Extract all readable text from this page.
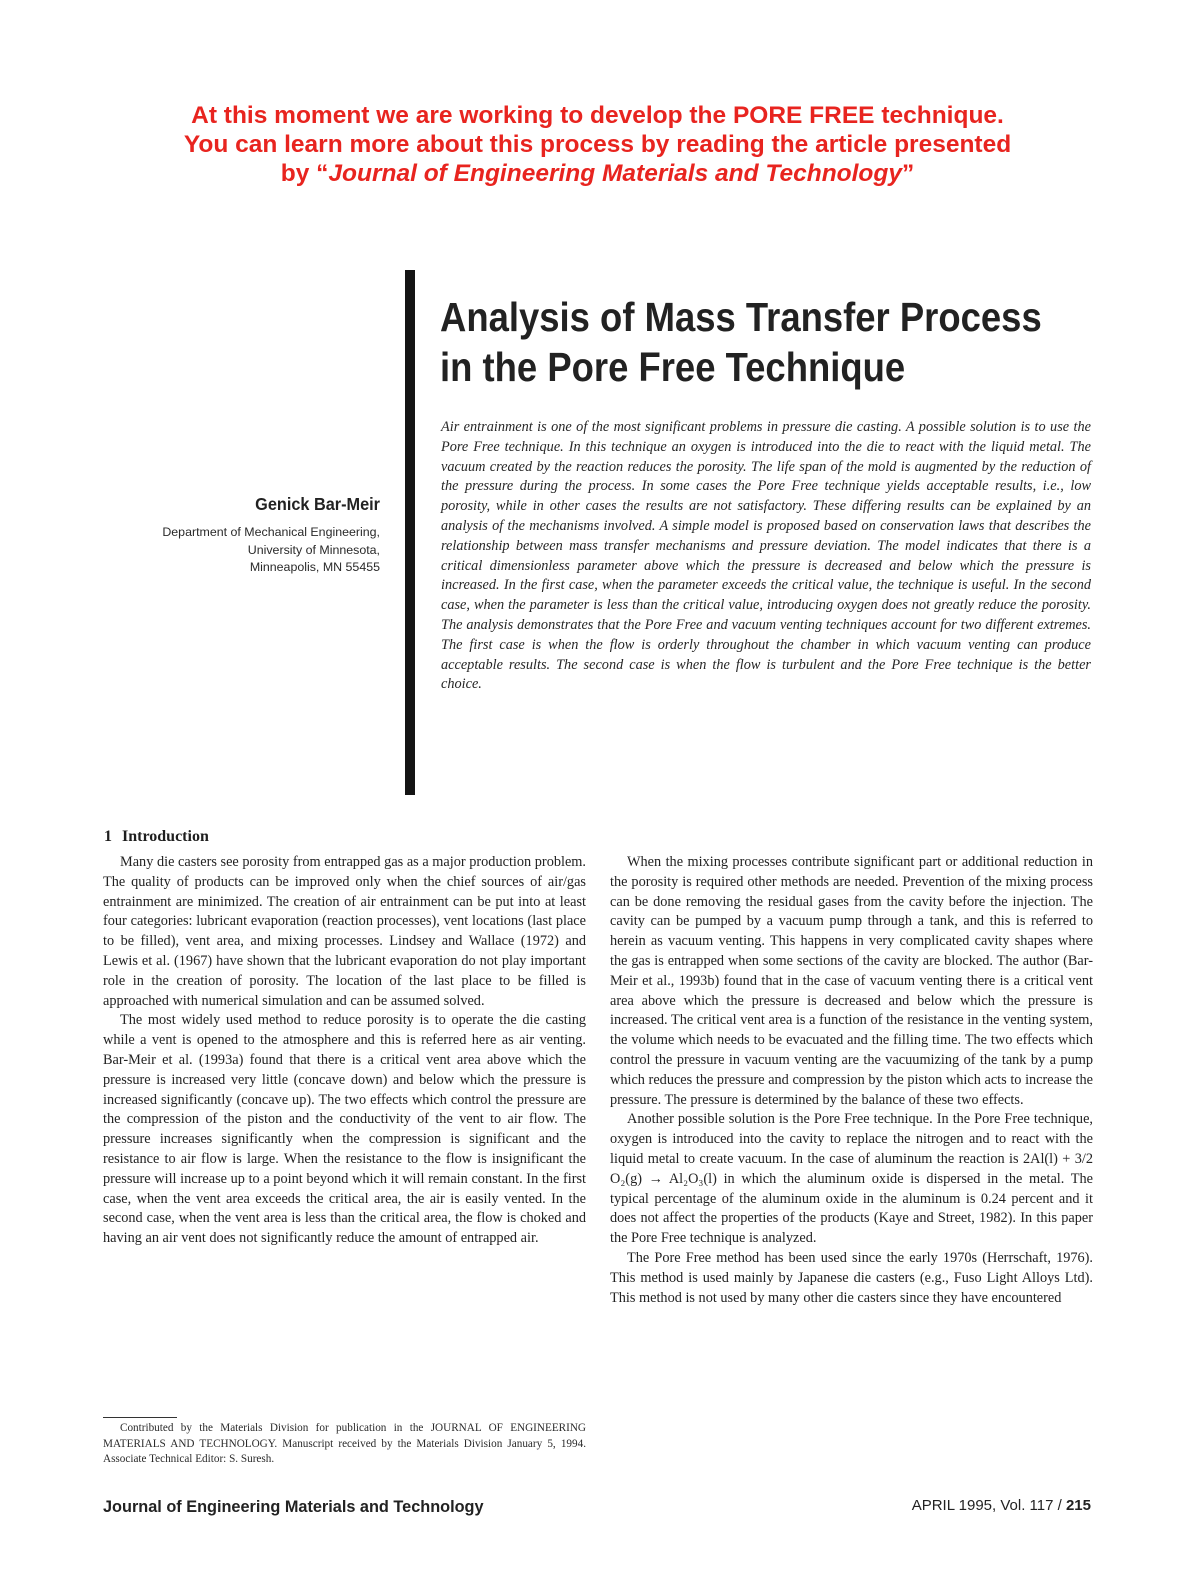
At this moment we are working to develop the PORE FREE technique.
You can learn more about this process by reading the article presented
by “Journal of Engineering Materials and Technology”
Analysis of Mass Transfer Process
in the Pore Free Technique
Air entrainment is one of the most significant problems in pressure die casting. A possible solution is to use the Pore Free technique. In this technique an oxygen is introduced into the die to react with the liquid metal. The vacuum created by the reaction reduces the porosity. The life span of the mold is augmented by the reduction of the pressure during the process. In some cases the Pore Free technique yields acceptable results, i.e., low porosity, while in other cases the results are not satisfactory. These differing results can be explained by an analysis of the mechanisms involved. A simple model is proposed based on conservation laws that describes the relationship between mass transfer mechanisms and pressure deviation. The model indicates that there is a critical dimensionless parameter above which the pressure is decreased and below which the pressure is increased. In the first case, when the parameter exceeds the critical value, the technique is useful. In the second case, when the parameter is less than the critical value, introducing oxygen does not greatly reduce the porosity. The analysis demonstrates that the Pore Free and vacuum venting techniques account for two different extremes. The first case is when the flow is orderly throughout the chamber in which vacuum venting can produce acceptable results. The second case is when the flow is turbulent and the Pore Free technique is the better choice.
Genick Bar-Meir
Department of Mechanical Engineering,
University of Minnesota,
Minneapolis, MN 55455
1 Introduction

Many die casters see porosity from entrapped gas as a major production problem. The quality of products can be improved only when the chief sources of air/gas entrainment are minimized. The creation of air entrainment can be put into at least four categories: lubricant evaporation (reaction processes), vent locations (last place to be filled), vent area, and mixing processes. Lindsey and Wallace (1972) and Lewis et al. (1967) have shown that the lubricant evaporation do not play important role in the creation of porosity. The location of the last place to be filled is approached with numerical simulation and can be assumed solved.

The most widely used method to reduce porosity is to operate the die casting while a vent is opened to the atmosphere and this is referred here as air venting. Bar-Meir et al. (1993a) found that there is a critical vent area above which the pressure is increased very little (concave down) and below which the pressure is increased significantly (concave up). The two effects which control the pressure are the compression of the piston and the conductivity of the vent to air flow. The pressure increases significantly when the compression is significant and the resistance to air flow is large. When the resistance to the flow is insignificant the pressure will increase up to a point beyond which it will remain constant. In the first case, when the vent area exceeds the critical area, the air is easily vented. In the second case, when the vent area is less than the critical area, the flow is choked and having an air vent does not significantly reduce the amount of entrapped air.

When the mixing processes contribute significant part or additional reduction in the porosity is required other methods are needed. Prevention of the mixing process can be done removing the residual gases from the cavity before the injection. The cavity can be pumped by a vacuum pump through a tank, and this is referred to herein as vacuum venting. This happens in very complicated cavity shapes where the gas is entrapped when some sections of the cavity are blocked. The author (Bar-Meir et al., 1993b) found that in the case of vacuum venting there is a critical vent area above which the pressure is decreased and below which the pressure is increased. The critical vent area is a function of the resistance in the venting system, the volume which needs to be evacuated and the filling time. The two effects which control the pressure in vacuum venting are the vacuumizing of the tank by a pump which reduces the pressure and compression by the piston which acts to increase the pressure. The pressure is determined by the balance of these two effects.

Another possible solution is the Pore Free technique. In the Pore Free technique, oxygen is introduced into the cavity to replace the nitrogen and to react with the liquid metal to create vacuum. In the case of aluminum the reaction is 2Al(l) + 3/2 O₂(g) → Al₂O₃(l) in which the aluminum oxide is dispersed in the metal. The typical percentage of the aluminum oxide in the aluminum is 0.24 percent and it does not affect the properties of the products (Kaye and Street, 1982). In this paper the Pore Free technique is analyzed.

The Pore Free method has been used since the early 1970s (Herrschaft, 1976). This method is used mainly by Japanese die casters (e.g., Fuso Light Alloys Ltd). This method is not used by many other die casters since they have encountered

Contributed by the Materials Division for publication in the JOURNAL OF ENGINEERING MATERIALS AND TECHNOLOGY. Manuscript received by the Materials Division January 5, 1994. Associate Technical Editor: S. Suresh.
Journal of Engineering Materials and Technology	APRIL 1995, Vol. 117 / 215
